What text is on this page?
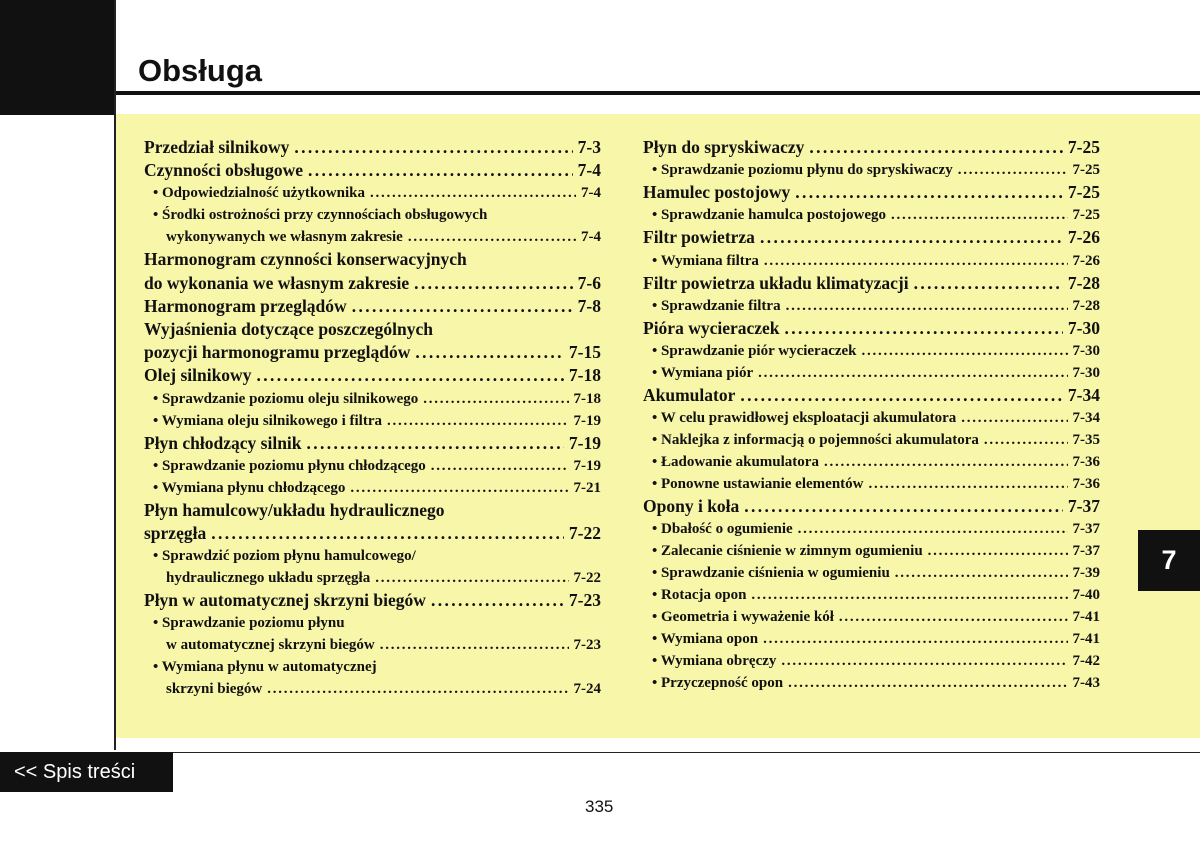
Obsługa
Przedział silnikowy . . .	7-3
Czynności obsługowe . . .	7-4
• Odpowiedzialność użytkownika . . .	7-4
• Środki ostrożności przy czynnościach obsługowych
wykonywanych we własnym zakresie . . .	7-4
Harmonogram czynności konserwacyjnych
do wykonania we własnym zakresie . . .	7-6
Harmonogram przeglądów . . .	7-8
Wyjaśnienia dotyczące poszczególnych
pozycji harmonogramu przeglądów . . .	7-15
Olej silnikowy . . .	7-18
• Sprawdzanie poziomu oleju silnikowego . . .	7-18
• Wymiana oleju silnikowego i filtra . . .	7-19
Płyn chłodzący silnik . . .	7-19
• Sprawdzanie poziomu płynu chłodzącego . . .	7-19
• Wymiana płynu chłodzącego . . .	7-21
Płyn hamulcowy/układu hydraulicznego
sprzęgła . . .	7-22
• Sprawdzić poziom płynu hamulcowego/
hydraulicznego układu sprzęgła . . .	7-22
Płyn w automatycznej skrzyni biegów . . .	7-23
• Sprawdzanie poziomu płynu
w automatycznej skrzyni biegów . . .	7-23
• Wymiana płynu w automatycznej
skrzyni biegów . . .	7-24
Płyn do spryskiwaczy . . .	7-25
• Sprawdzanie poziomu płynu do spryskiwaczy . . .	7-25
Hamulec postojowy . . .	7-25
• Sprawdzanie hamulca postojowego . . .	7-25
Filtr powietrza . . .	7-26
• Wymiana filtra . . .	7-26
Filtr powietrza układu klimatyzacji . . .	7-28
• Sprawdzanie filtra . . .	7-28
Pióra wycieraczek . . .	7-30
• Sprawdzanie piór wycieraczek . . .	7-30
• Wymiana piór . . .	7-30
Akumulator . . .	7-34
• W celu prawidłowej eksploatacji akumulatora . . .	7-34
• Naklejka z informacją o pojemności akumulatora . . .	7-35
• Ładowanie akumulatora . . .	7-36
• Ponowne ustawianie elementów . . .	7-36
Opony i koła . . .	7-37
• Dbałość o ogumienie . . .	7-37
• Zalecanie ciśnienie w zimnym ogumieniu . . .	7-37
• Sprawdzanie ciśnienia w ogumieniu . . .	7-39
• Rotacja opon . . .	7-40
• Geometria i wyważenie kół . . .	7-41
• Wymiana opon . . .	7-41
• Wymiana obręczy . . .	7-42
• Przyczepność opon . . .	7-43
7
<< Spis treści
335
